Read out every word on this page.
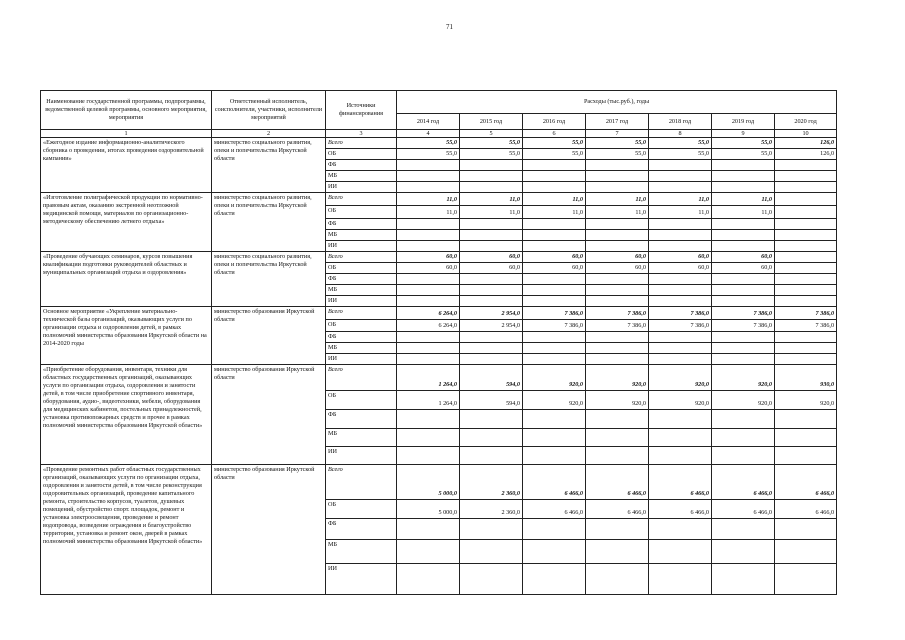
71
Наименование государственной программы, подпрограммы, ведомственной целевой программы, основного мероприятия, мероприятия	Ответственный исполнитель, соисполнители, участники, исполнители мероприятий	Источники финансирования	Расходы (тыс.руб.), годы						
			2014 год	2015 год	2016 год	2017 год	2018 год	2019 год	2020 год
1	2	3	4	5	6	7	8	9	10
«Ежегодное издание информационно-аналитического сборника о проведении, итогах проведения оздоровительной кампании»	министерство социального развития, опеки и попечительства Иркутской области	Всего	55,0	55,0	55,0	55,0	55,0	55,0	126,0
		ОБ	55,0	55,0	55,0	55,0	55,0	55,0	126,0
		ФБ							
		МБ							
		ИИ							
«Изготовление полиграфической продукции по нормативно-правовым актам, оказанию экстренной неотложной медицинской помощи, материалов по организационно-методическому обеспечению летнего отдыха»	министерство социального развития, опеки и попечительства Иркутской области	Всего	11,0	11,0	11,0	11,0	11,0	11,0	
		ОБ	11,0	11,0	11,0	11,0	11,0	11,0	
		ФБ							
		МБ							
		ИИ							
«Проведение обучающих семинаров, курсов повышения квалификации подготовки руководителей областных и муниципальных организаций отдыха и оздоровления»	министерство социального развития, опеки и попечительства Иркутской области	Всего	60,0	60,0	60,0	60,0	60,0	60,0	
		ОБ	60,0	60,0	60,0	60,0	60,0	60,0	
		ФБ							
		МБ							
		ИИ							
Основное мероприятие «Укрепление материально-технической базы организаций, оказывающих услуги по организации отдыха и оздоровления детей, в рамках полномочий министерства образования Иркутской области на 2014-2020 годы	министерство образования Иркутской области	Всего	6 264,0	2 954,0	7 386,0	7 386,0	7 386,0	7 386,0	7 386,0
		ОБ	6 264,0	2 954,0	7 386,0	7 386,0	7 386,0	7 386,0	7 386,0
		ФБ							
		МБ							
		ИИ							
«Приобретение оборудования, инвентаря, техники для областных государственных организаций, оказывающих услуги по организации отдыха, оздоровления и занятости детей, в том числе приобретение спортивного инвентаря, оборудования, аудио-, видеотехники, мебели, оборудования для медицинских кабинетов, постельных принадлежностей, установка противопожарных средств и прочее в рамках полномочий министерства образования Иркутской области»	министерство образования Иркутской области	Всего	1 264,0	594,0	920,0	920,0	920,0	920,0	930,0
		ОБ	1 264,0	594,0	920,0	920,0	920,0	920,0	920,0
		ФБ							
		МБ							
		ИИ							
«Проведение ремонтных работ областных государственных организаций, оказывающих услуги по организации отдыха, оздоровления и занятости детей, в том числе реконструкция оздоровительных организаций, проведение капитального ремонта, строительство корпусов, туалетов, душевых помещений, обустройство спорт. площадок, ремонт и установка электроосвещения, проведение и ремонт водопровода, возведение ограждения и благоустройство территории, установка и ремонт окон, дверей в рамках полномочий министерства образования Иркутской области»	министерство образования Иркутской области	Всего	5 000,0	2 360,0	6 466,0	6 466,0	6 466,0	6 466,0	6 466,0
		ОБ	5 000,0	2 360,0	6 466,0	6 466,0	6 466,0	6 466,0	6 466,0
		ФБ							
		МБ							
		ИИ							
